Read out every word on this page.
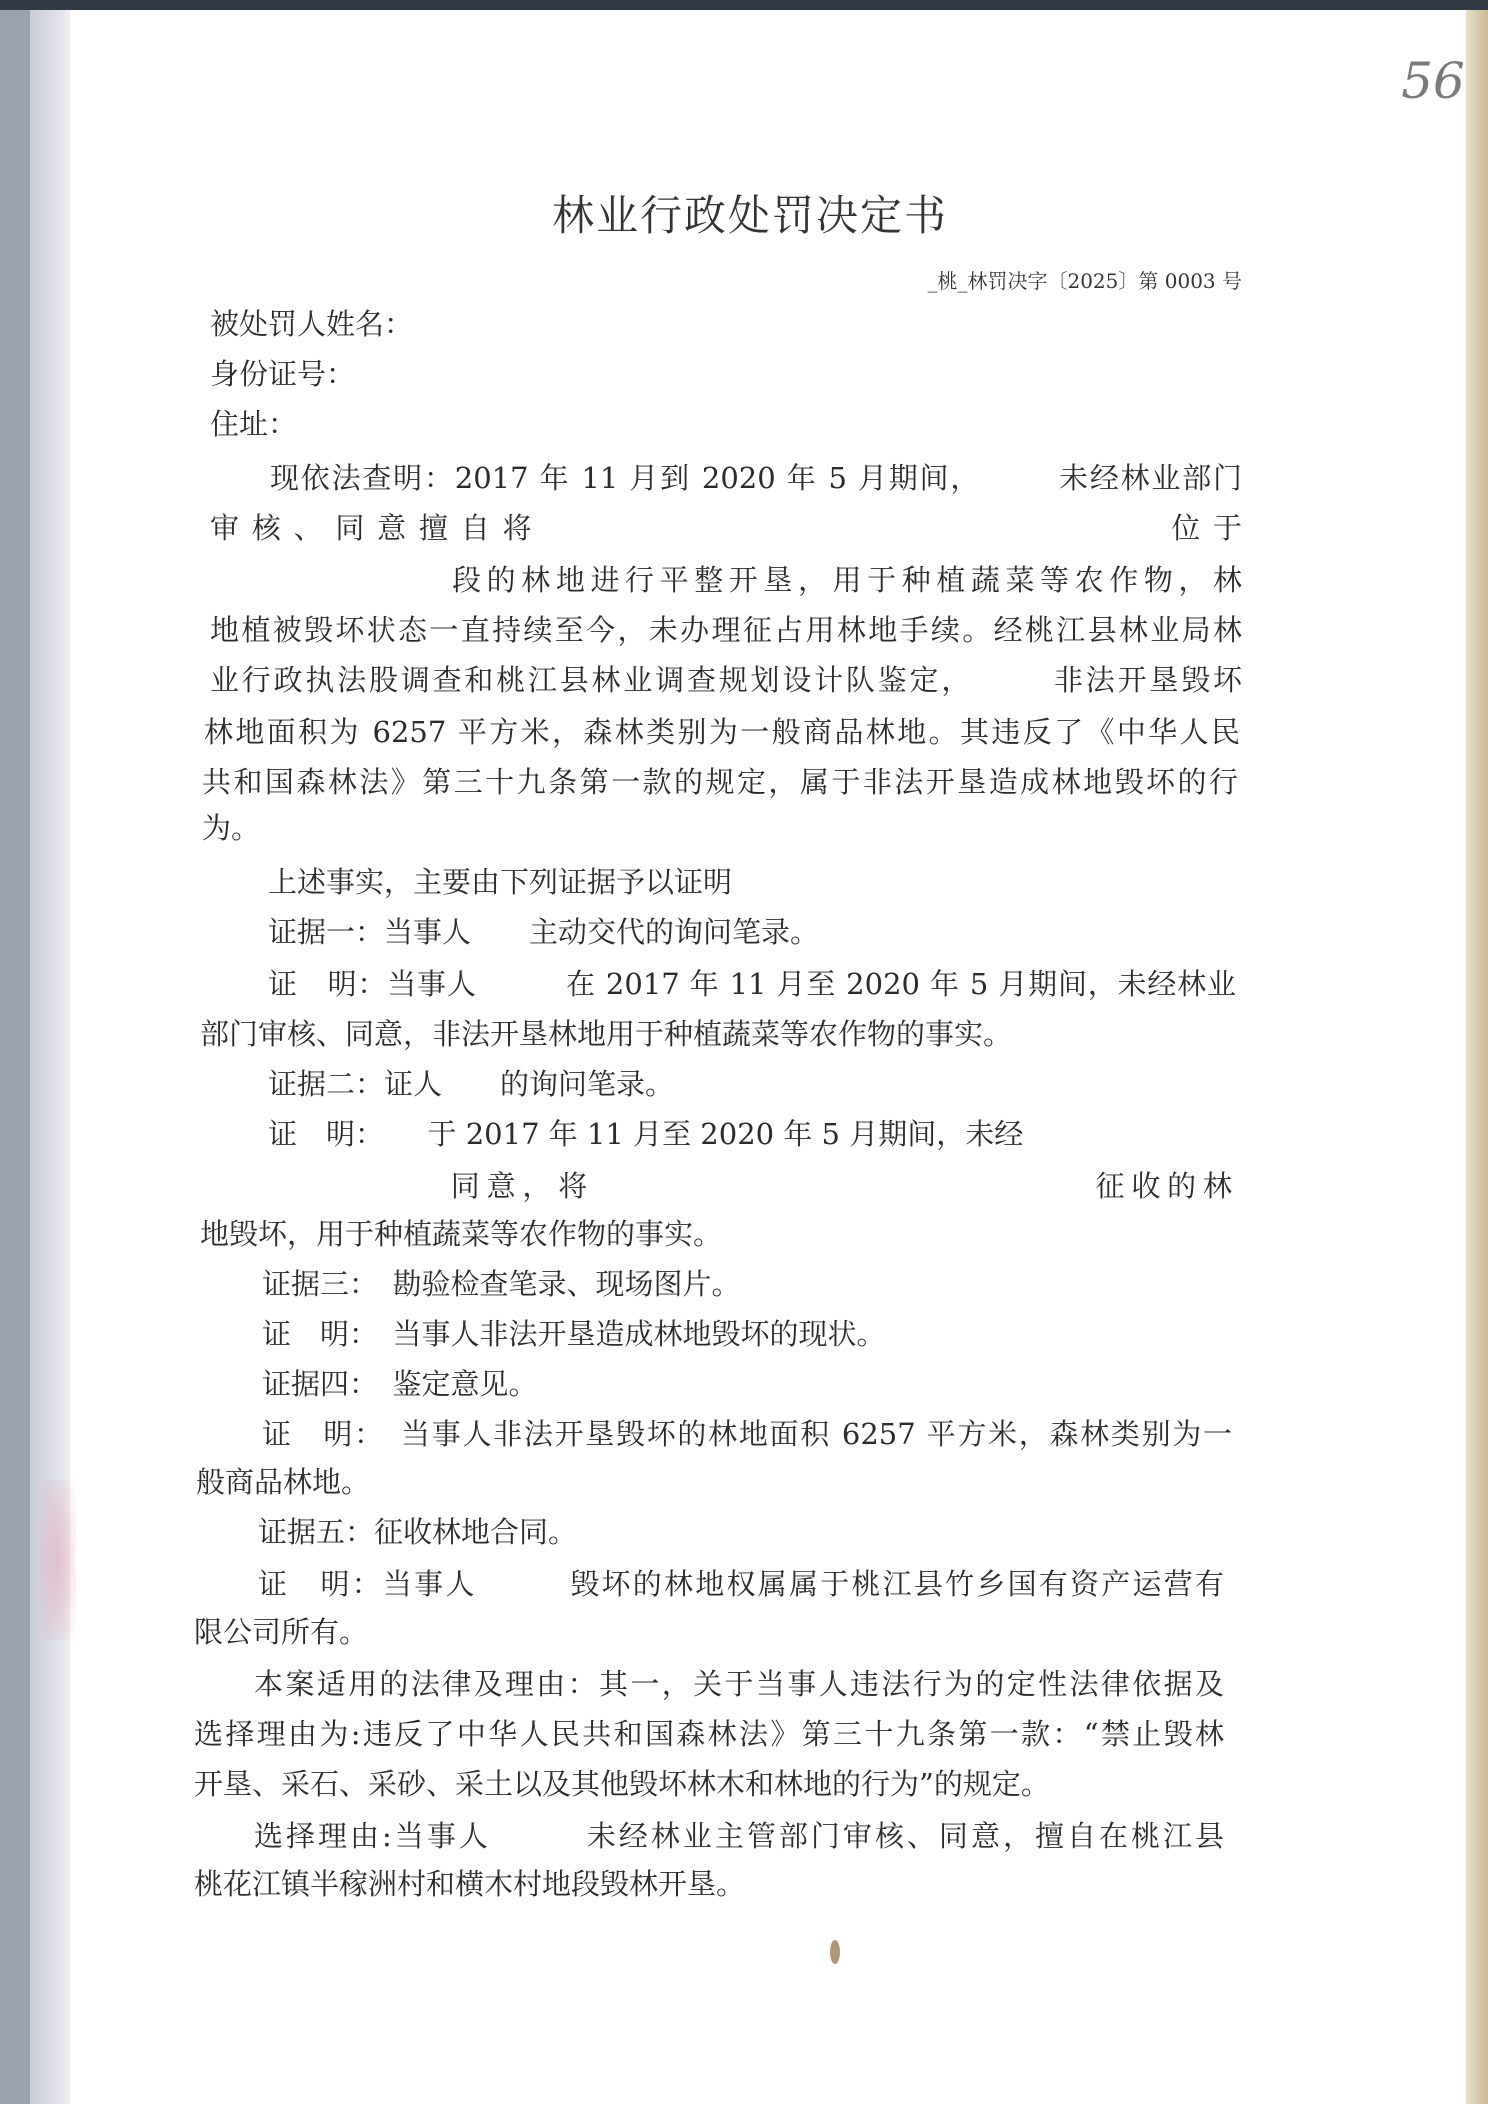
56
林业行政处罚决定书
_桃_林罚决字〔2025〕第 0003 号
被处罚人姓名：
身份证号：
住址：
现依法查明：2017 年 11 月到 2020 年 5 月期间，　　　未经林业部门
审核、同意擅自将　　　　　　　　　　　　　　　位于
　　　　　　　段的林地进行平整开垦，用于种植蔬菜等农作物，林
地植被毁坏状态一直持续至今，未办理征占用林地手续。经桃江县林业局林
业行政执法股调查和桃江县林业调查规划设计队鉴定，　　　非法开垦毁坏
林地面积为 6257 平方米，森林类别为一般商品林地。其违反了《中华人民
共和国森林法》第三十九条第一款的规定，属于非法开垦造成林地毁坏的行
为。
上述事实，主要由下列证据予以证明
证据一：当事人　　主动交代的询问笔录。
证　明：当事人　　　在 2017 年 11 月至 2020 年 5 月期间，未经林业
部门审核、同意，非法开垦林地用于种植蔬菜等农作物的事实。
证据二：证人　　的询问笔录。
证　明：　　于 2017 年 11 月至 2020 年 5 月期间，未经
　　　　　　　同意，将　　　　　　　　　　　　　　征收的林
地毁坏，用于种植蔬菜等农作物的事实。
证据三：　勘验检查笔录、现场图片。
证　明：　当事人非法开垦造成林地毁坏的现状。
证据四：　鉴定意见。
证　明：　当事人非法开垦毁坏的林地面积 6257 平方米，森林类别为一
般商品林地。
证据五：征收林地合同。
证　明：当事人　　　毁坏的林地权属属于桃江县竹乡国有资产运营有
限公司所有。
本案适用的法律及理由：其一，关于当事人违法行为的定性法律依据及
选择理由为:违反了中华人民共和国森林法》第三十九条第一款：“禁止毁林
开垦、采石、采砂、采土以及其他毁坏林木和林地的行为”的规定。
选择理由:当事人　　　未经林业主管部门审核、同意，擅自在桃江县
桃花江镇半稼洲村和横木村地段毁林开垦。
